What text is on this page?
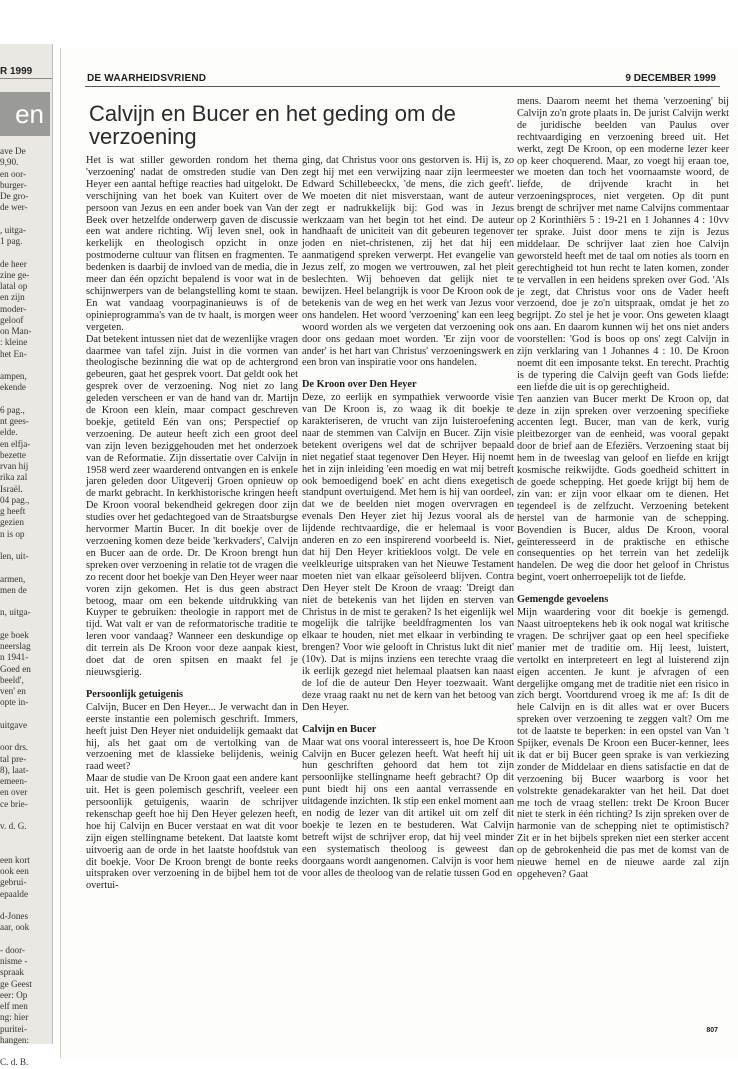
R 1999
en
ave De
9,90.
en oor-
burger-
De gro-
de wer-

, uitga-
1 pag.

de heer
zine ge-
latal op
en zijn
moder-
geloof
on Man-
: kleine
het En-

ampen,
ekende

6 pag.,
nt gees-
elde.
en elfja-
bezette
rvan hij
rika zal
Israël.
04 pag.,
g heeft
gezien
n is op

len, uit-

armen,
men de

n, uitga-

ge boek
neerslag
n 1941-
Goed en
beeld',
ven' en
opte in-

uitgave

oor drs.
tal pre-
8), laat-
emeen-
en over
ce brie-

v. d. G.

een kort
ook een
gebrui-
epaalde

d-Jones
aar, ook

- door-
nisme -
spraak
ge Geest
eer: Op
elf men
ng: hier
puritei-
hangen:

C. d. B.
DE WAARHEIDSVRIEND	9 DECEMBER 1999
Calvijn en Bucer en het geding om de verzoening

Het is wat stiller geworden rondom het thema 'verzoening' nadat de omstreden studie van Den Heyer een aantal heftige reacties had uitgelokt. De verschijning van het boek van Kuitert over de persoon van Jezus en een ander boek van Van der Beek over hetzelfde onderwerp gaven de discussie een wat andere richting. Wij leven snel, ook in kerkelijk en theologisch opzicht in onze postmoderne cultuur van flitsen en fragmenten. Te bedenken is daarbij de invloed van de media, die in meer dan één opzicht bepalend is voor wat in de schijnwerpers van de belangstelling komt te staan. En wat vandaag voorpaginanieuws is of de opinieprogramma's van de tv haalt, is morgen weer vergeten.

Dat betekent intussen niet dat de wezenlijke vragen daarmee van tafel zijn. Juist in die vormen van theologische bezinning die wat op de achtergrond gebeuren, gaat het gesprek voort. Dat geldt ook het gesprek over de verzoening. Nog niet zo lang geleden verscheen er van de hand van dr. Martijn de Kroon een klein, maar compact geschreven boekje, getiteld Eén van ons; Perspectief op verzoening. De auteur heeft zich een groot deel van zijn leven beziggehouden met het onderzoek van de Reformatie. Zijn dissertatie over Calvijn in 1958 werd zeer waarderend ontvangen en is enkele jaren geleden door Uitgeverij Groen opnieuw op de markt gebracht. In kerkhistorische kringen heeft De Kroon vooral bekendheid gekregen door zijn studies over het gedachtegoed van de Straatsburgse hervormer Martin Bucer. In dit boekje over de verzoening komen deze beide 'kerkvaders', Calvijn en Bucer aan de orde. Dr. De Kroon brengt hun spreken over verzoening in relatie tot de vragen die zo recent door het boekje van Den Heyer weer naar voren zijn gekomen. Het is dus geen abstract betoog, maar om een bekende uitdrukking van Kuyper te gebruiken: theologie in rapport met de tijd. Wat valt er van de reformatorische traditie te leren voor vandaag? Wanneer een deskundige op dit terrein als De Kroon voor deze aanpak kiest, doet dat de oren spitsen en maakt fel je nieuwsgierig.

Persoonlijk getuigenis

Calvijn, Bucer en Den Heyer... Je verwacht dan in eerste instantie een polemisch geschrift. Immers, heeft juist Den Heyer niet onduidelijk gemaakt dat hij, als het gaat om de vertolking van de verzoening met de klassieke belijdenis, weinig raad weet?

Maar de studie van De Kroon gaat een andere kant uit. Het is geen polemisch geschrift, veeleer een persoonlijk getuigenis, waarin de schrijver rekenschap geeft hoe hij Den Heyer gelezen heeft, hoe hij Calvijn en Bucer verstaat en wat dit voor zijn eigen stellingname betekent. Dat laatste komt uitvoerig aan de orde in het laatste hoofdstuk van dit boekje. Voor De Kroon brengt de bonte reeks uitspraken over verzoening in de bijbel hem tot de overtui-

ging, dat Christus voor ons gestorven is. Hij is, zo zegt hij met een verwijzing naar zijn leermeester Edward Schillebeeckx, 'de mens, die zich geeft'. We moeten dit niet misverstaan, want de auteur zegt er nadrukkelijk bij: God was in Jezus werkzaam van het begin tot het eind. De auteur handhaaft de uniciteit van dit gebeuren tegenover joden en niet-christenen, zij het dat hij een aanmatigend spreken verwerpt. Het evangelie van Jezus zelf, zo mogen we vertrouwen, zal het pleit beslechten. Wij behoeven dat gelijk niet te bewijzen. Heel belangrijk is voor De Kroon ook de betekenis van de weg en het werk van Jezus voor ons handelen. Het woord 'verzoening' kan een leeg woord worden als we vergeten dat verzoening ook door ons gedaan moet worden. 'Er zijn voor de ander' is het hart van Christus' verzoeningswerk en een bron van inspiratie voor ons handelen.

De Kroon over Den Heyer

Deze, zo eerlijk en sympathiek verwoorde visie van De Kroon is, zo waag ik dit boekje te karakteriseren, de vrucht van zijn luisteroefening naar de stemmen van Calvijn en Bucer. Zijn visie betekent overigens wel dat de schrijver bepaald niet negatief staat tegenover Den Heyer. Hij noemt het in zijn inleiding 'een moedig en wat mij betreft ook bemoedigend boek' en acht diens exegetisch standpunt overtuigend. Met hem is hij van oordeel, dat we de beelden niet mogen overvragen en evenals Den Heyer ziet hij Jezus vooral als de lijdende rechtvaardige, die er helemaal is voor anderen en zo een inspirerend voorbeeld is. Niet, dat hij Den Heyer kritiekloos volgt. De vele en veelkleurige uitspraken van het Nieuwe Testament moeten niet van elkaar geïsoleerd blijven. Contra Den Heyer stelt De Kroon de vraag: 'Dreigt dan niet de betekenis van het lijden en sterven van Christus in de mist te geraken? Is het eigenlijk wel mogelijk die talrijke beeldfragmenten los van elkaar te houden, niet met elkaar in verbinding te brengen? Voor wie gelooft in Christus lukt dit niet' (10v). Dat is mijns inziens een terechte vraag die ik eerlijk gezegd niet helemaal plaatsen kan naast de lof die de auteur Den Heyer toezwaait. Want deze vraag raakt nu net de kern van het betoog van Den Heyer.

Calvijn en Bucer

Maar wat ons vooral interesseert is, hoe De Kroon Calvijn en Bucer gelezen heeft. Wat heeft hij uit hun geschriften gehoord dat hem tot zijn persoonlijke stellingname heeft gebracht? Op dit punt biedt hij ons een aantal verrassende en uitdagende inzichten. Ik stip een enkel moment aan en nodig de lezer van dit artikel uit om zelf dit boekje te lezen en te bestuderen. Wat Calvijn betreft wijst de schrijver erop, dat hij veel minder een systematisch theoloog is geweest dan doorgaans wordt aangenomen. Calvijn is voor hem voor alles de theoloog van de relatie tussen God en

mens. Daarom neemt het thema 'verzoening' bij Calvijn zo'n grote plaats in. De jurist Calvijn werkt de juridische beelden van Paulus over rechtvaardiging en verzoening breed uit. Het werkt, zegt De Kroon, op een moderne lezer keer op keer choquerend. Maar, zo voegt hij eraan toe, we moeten dan toch het voornaamste woord, de liefde, de drijvende kracht in het verzoeningsproces, niet vergeten. Op dit punt brengt de schrijver met name Calvijns commentaar op 2 Korinthiërs 5 : 19-21 en 1 Johannes 4 : 10vv ter sprake. Juist door mens te zijn is Jezus middelaar. De schrijver laat zien hoe Calvijn geworsteld heeft met de taal om noties als toorn en gerechtigheid tot hun recht te laten komen, zonder te vervallen in een heidens spreken over God. 'Als je zegt, dat Christus voor ons de Vader heeft verzoend, doe je zo'n uitspraak, omdat je het zo begrijpt. Zo stel je het je voor. Ons geweten klaagt ons aan. En daarom kunnen wij het ons niet anders voorstellen: 'God is boos op ons' zegt Calvijn in zijn verklaring van 1 Johannes 4 : 10. De Kroon noemt dit een imposante tekst. En terecht. Prachtig is de typering die Calvijn geeft van Gods liefde: een liefde die uit is op gerechtigheid.

Ten aanzien van Bucer merkt De Kroon op, dat deze in zijn spreken over verzoening specifieke accenten legt. Bucer, man van de kerk, vurig pleitbezorger van de eenheid, was vooral gepakt door de brief aan de Efeziërs. Verzoening staat bij hem in de tweeslag van geloof en liefde en krijgt kosmische reikwijdte. Gods goedheid schittert in de goede schepping. Het goede krijgt bij hem de zin van: er zijn voor elkaar om te dienen. Het tegendeel is de zelfzucht. Verzoening betekent herstel van de harmonie van de schepping. Bovendien is Bucer, aldus De Kroon, vooral geïnteresseerd in de praktische en ethische consequenties op het terrein van het zedelijk handelen. De weg die door het geloof in Christus begint, voert onherroepelijk tot de liefde.

Gemengde gevoelens

Mijn waardering voor dit boekje is gemengd. Naast uitroeptekens heb ik ook nogal wat kritische vragen. De schrijver gaat op een heel specifieke manier met de traditie om. Hij leest, luistert, vertolkt en interpreteert en legt al luisterend zijn eigen accenten. Je kunt je afvragen of een dergelijke omgang met de traditie niet een risico in zich bergt. Voortdurend vroeg ik me af: Is dit de hele Calvijn en is dit alles wat er over Bucers spreken over verzoening te zeggen valt? Om me tot de laatste te beperken: in een opstel van Van 't Spijker, evenals De Kroon een Bucer-kenner, lees ik dat er bij Bucer geen sprake is van verkiezing zonder de Middelaar en diens satisfactie en dat de verzoening bij Bucer waarborg is voor het volstrekte genadekarakter van het heil. Dat doet me toch de vraag stellen: trekt De Kroon Bucer niet te sterk in één richting? Is zijn spreken over de harmonie van de schepping niet te optimistisch? Zit er in het bijbels spreken niet een sterker accent op de gebrokenheid die pas met de komst van de nieuwe hemel en de nieuwe aarde zal zijn opgeheven? Gaat

807
